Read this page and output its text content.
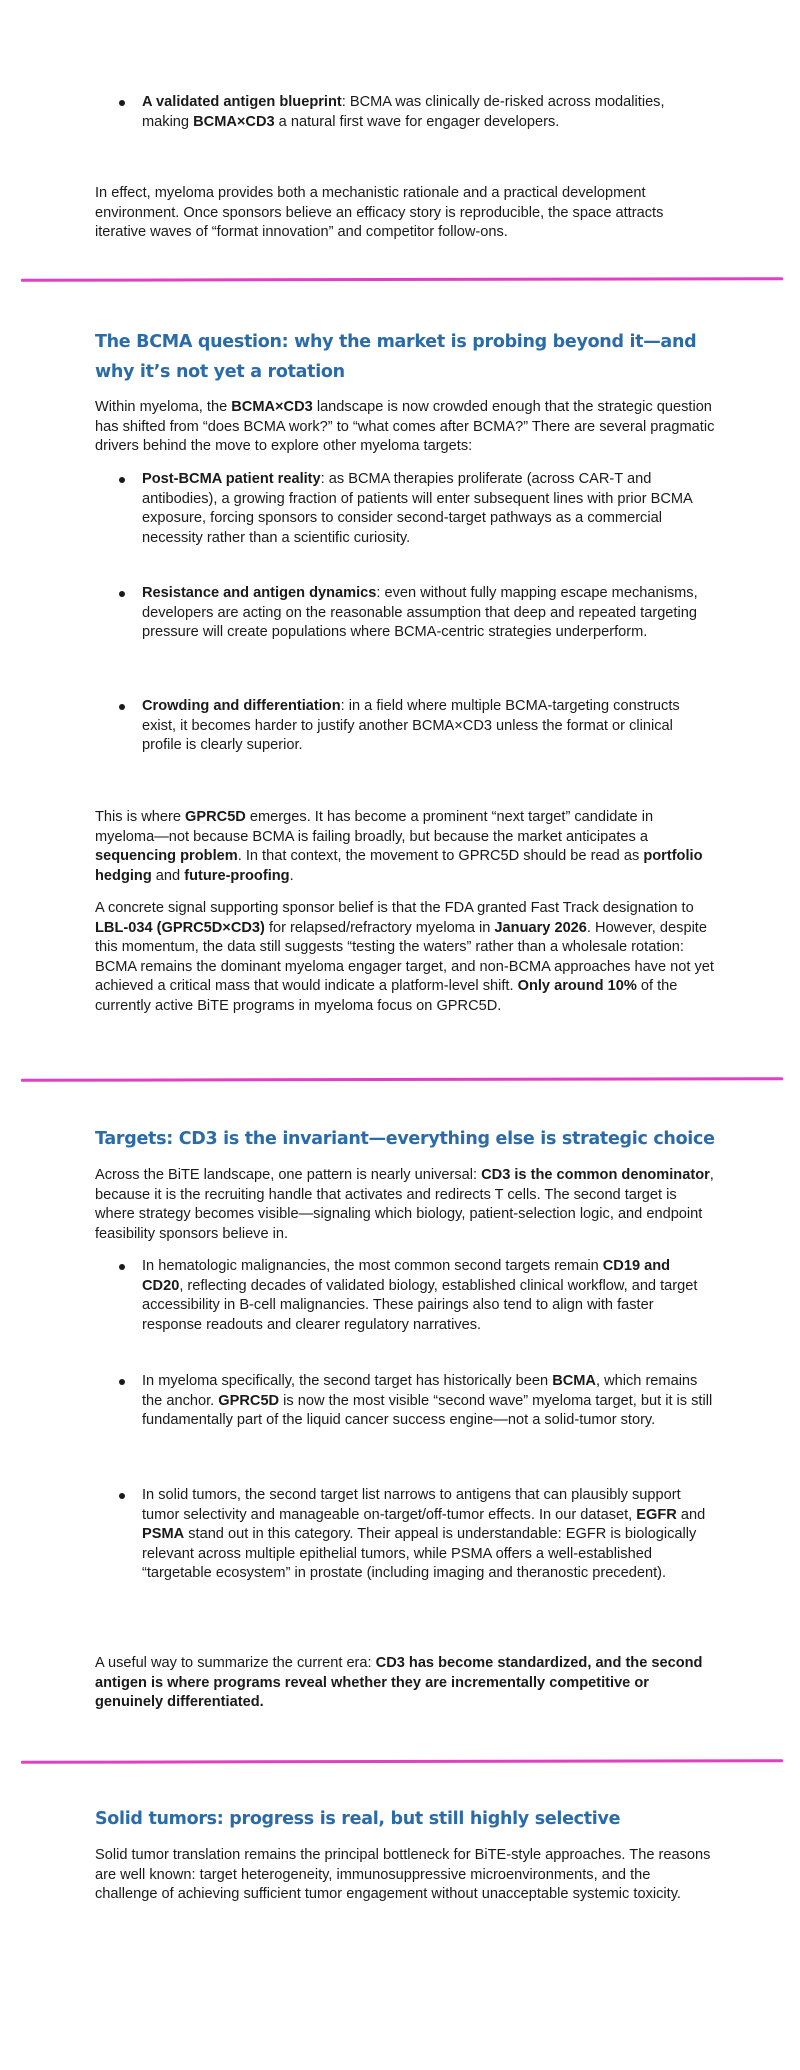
A validated antigen blueprint: BCMA was clinically de-risked across modalities, making BCMA×CD3 a natural first wave for engager developers.

In effect, myeloma provides both a mechanistic rationale and a practical development environment. Once sponsors believe an efficacy story is reproducible, the space attracts iterative waves of “format innovation” and competitor follow-ons.

The BCMA question: why the market is probing beyond it—and why it’s not yet a rotation

Within myeloma, the BCMA×CD3 landscape is now crowded enough that the strategic question has shifted from “does BCMA work?” to “what comes after BCMA?” There are several pragmatic drivers behind the move to explore other myeloma targets:

Post-BCMA patient reality: as BCMA therapies proliferate (across CAR-T and antibodies), a growing fraction of patients will enter subsequent lines with prior BCMA exposure, forcing sponsors to consider second-target pathways as a commercial necessity rather than a scientific curiosity.
Resistance and antigen dynamics: even without fully mapping escape mechanisms, developers are acting on the reasonable assumption that deep and repeated targeting pressure will create populations where BCMA-centric strategies underperform.
Crowding and differentiation: in a field where multiple BCMA-targeting constructs exist, it becomes harder to justify another BCMA×CD3 unless the format or clinical profile is clearly superior.

This is where GPRC5D emerges. It has become a prominent “next target” candidate in myeloma—not because BCMA is failing broadly, but because the market anticipates a sequencing problem. In that context, the movement to GPRC5D should be read as portfolio hedging and future-proofing.

A concrete signal supporting sponsor belief is that the FDA granted Fast Track designation to LBL-034 (GPRC5D×CD3) for relapsed/refractory myeloma in January 2026. However, despite this momentum, the data still suggests “testing the waters” rather than a wholesale rotation: BCMA remains the dominant myeloma engager target, and non-BCMA approaches have not yet achieved a critical mass that would indicate a platform-level shift. Only around 10% of the currently active BiTE programs in myeloma focus on GPRC5D.

Targets: CD3 is the invariant—everything else is strategic choice

Across the BiTE landscape, one pattern is nearly universal: CD3 is the common denominator, because it is the recruiting handle that activates and redirects T cells. The second target is where strategy becomes visible—signaling which biology, patient-selection logic, and endpoint feasibility sponsors believe in.

In hematologic malignancies, the most common second targets remain CD19 and CD20, reflecting decades of validated biology, established clinical workflow, and target accessibility in B-cell malignancies. These pairings also tend to align with faster response readouts and clearer regulatory narratives.
In myeloma specifically, the second target has historically been BCMA, which remains the anchor. GPRC5D is now the most visible “second wave” myeloma target, but it is still fundamentally part of the liquid cancer success engine—not a solid-tumor story.
In solid tumors, the second target list narrows to antigens that can plausibly support tumor selectivity and manageable on-target/off-tumor effects. In our dataset, EGFR and PSMA stand out in this category. Their appeal is understandable: EGFR is biologically relevant across multiple epithelial tumors, while PSMA offers a well-established “targetable ecosystem” in prostate (including imaging and theranostic precedent).

A useful way to summarize the current era: CD3 has become standardized, and the second antigen is where programs reveal whether they are incrementally competitive or genuinely differentiated.

Solid tumors: progress is real, but still highly selective

Solid tumor translation remains the principal bottleneck for BiTE-style approaches. The reasons are well known: target heterogeneity, immunosuppressive microenvironments, and the challenge of achieving sufficient tumor engagement without unacceptable systemic toxicity.
